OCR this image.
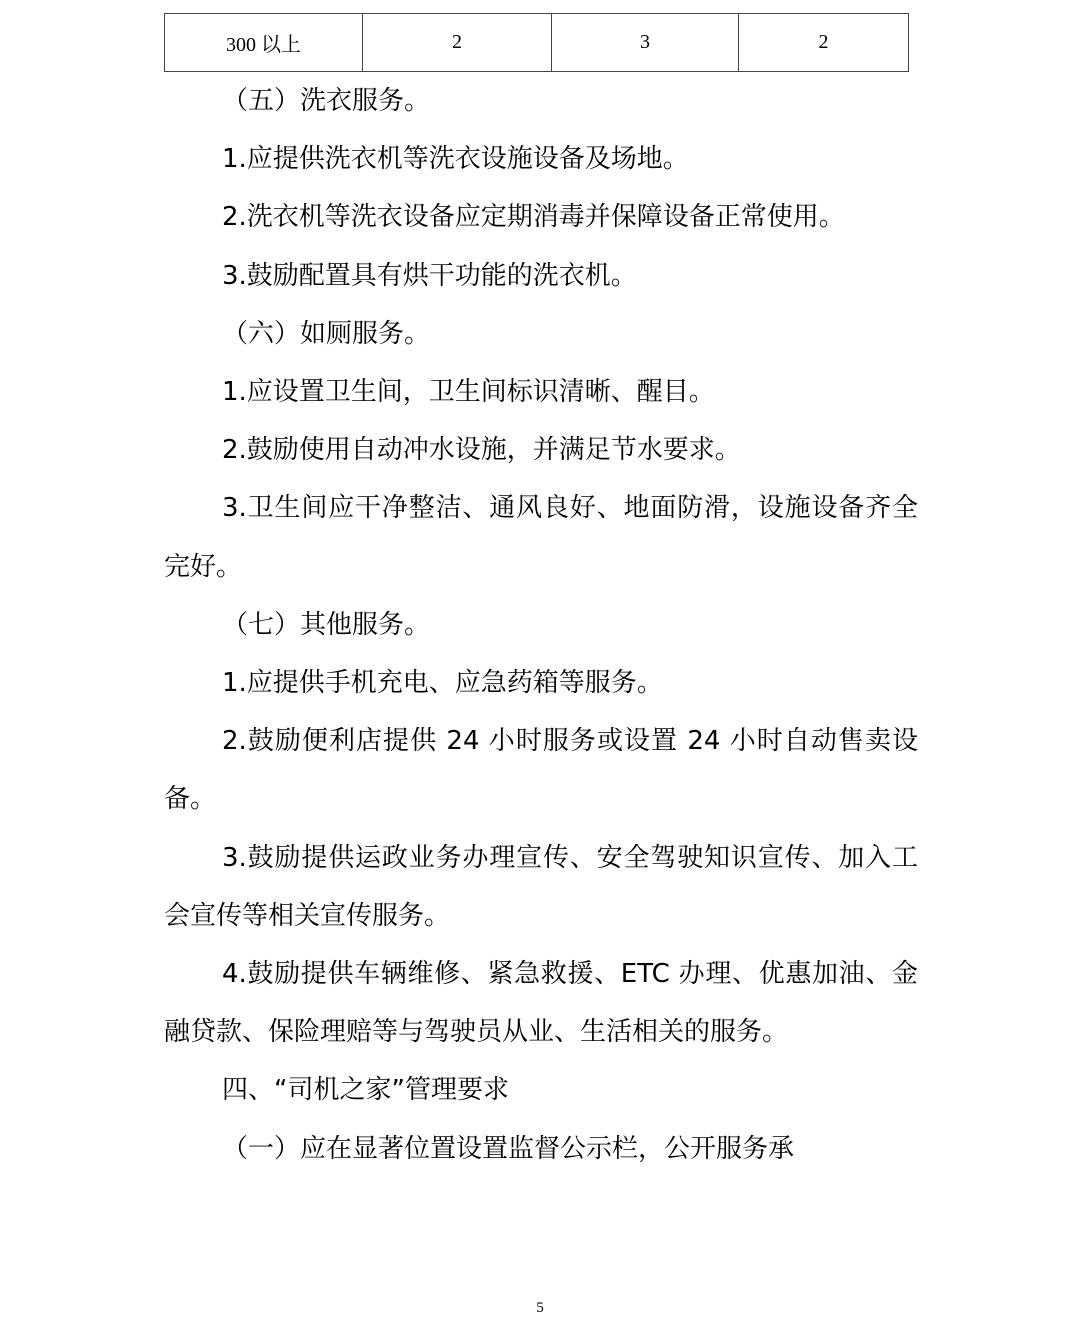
300 以上	2	3	2

（五）洗衣服务。

1.应提供洗衣机等洗衣设施设备及场地。

2.洗衣机等洗衣设备应定期消毒并保障设备正常使用。

3.鼓励配置具有烘干功能的洗衣机。

（六）如厕服务。

1.应设置卫生间，卫生间标识清晰、醒目。

2.鼓励使用自动冲水设施，并满足节水要求。

3.卫生间应干净整洁、通风良好、地面防滑，设施设备齐全完好。

（七）其他服务。

1.应提供手机充电、应急药箱等服务。

2.鼓励便利店提供 24 小时服务或设置 24 小时自动售卖设备。

3.鼓励提供运政业务办理宣传、安全驾驶知识宣传、加入工会宣传等相关宣传服务。

4.鼓励提供车辆维修、紧急救援、ETC 办理、优惠加油、金融贷款、保险理赔等与驾驶员从业、生活相关的服务。

四、“司机之家”管理要求

（一）应在显著位置设置监督公示栏，公开服务承

5
